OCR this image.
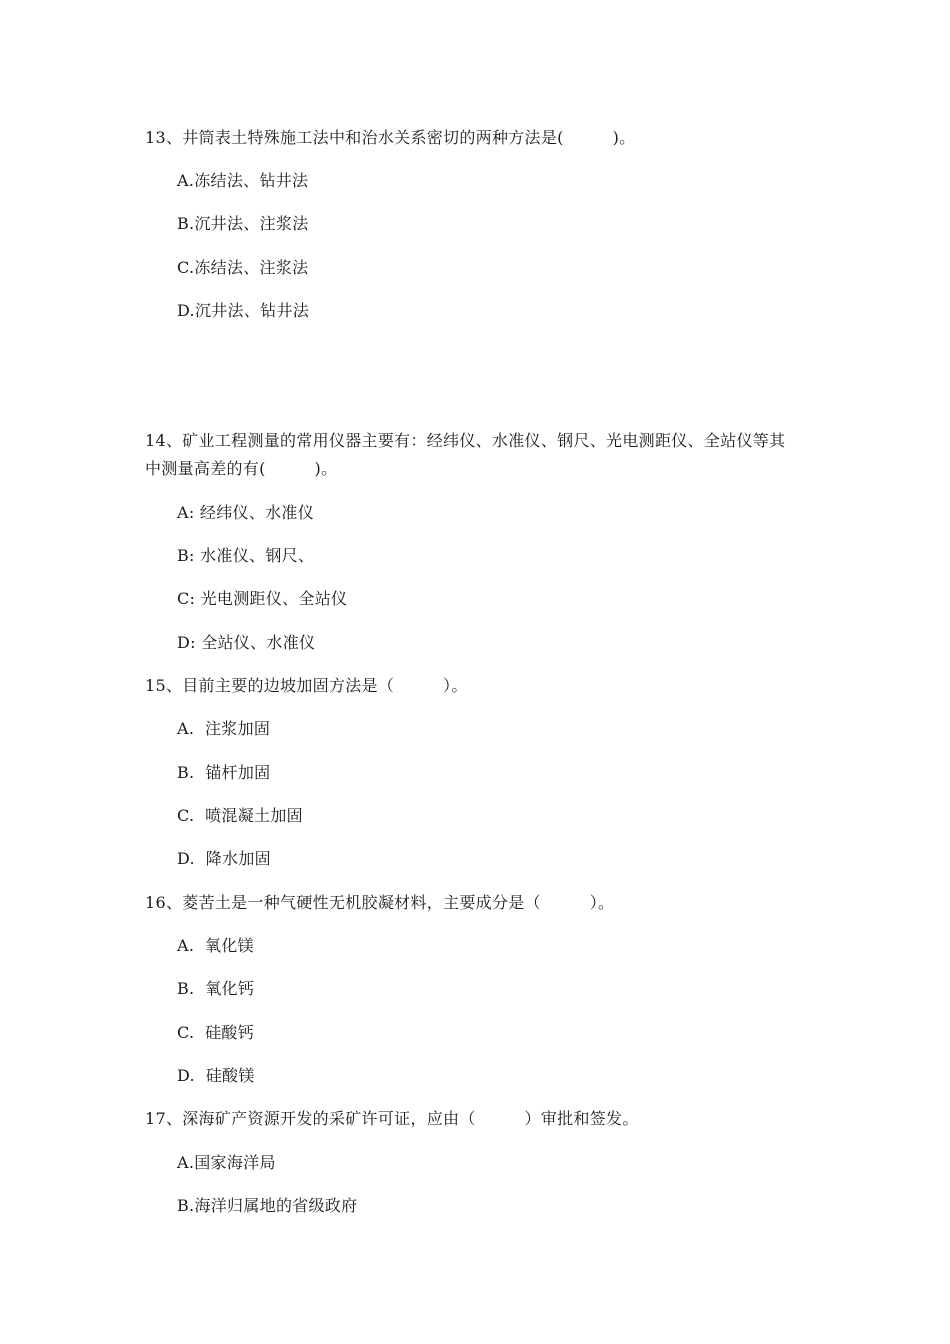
13、井筒表土特殊施工法中和治水关系密切的两种方法是(　　　)。
A.冻结法、钻井法
B.沉井法、注浆法
C.冻结法、注浆法
D.沉井法、钻井法
14、矿业工程测量的常用仪器主要有：经纬仪、水准仪、钢尺、光电测距仪、全站仪等其
中测量高差的有(　　　)。
A: 经纬仪、水准仪
B: 水准仪、钢尺、
C: 光电测距仪、全站仪
D: 全站仪、水准仪
15、目前主要的边坡加固方法是（　　　）。
A.  注浆加固
B.  锚杆加固
C.  喷混凝土加固
D.  降水加固
16、菱苦土是一种气硬性无机胶凝材料，主要成分是（　　　）。
A.  氧化镁
B.  氧化钙
C.  硅酸钙
D.  硅酸镁
17、深海矿产资源开发的采矿许可证，应由（　　　）审批和签发。
A.国家海洋局
B.海洋归属地的省级政府
